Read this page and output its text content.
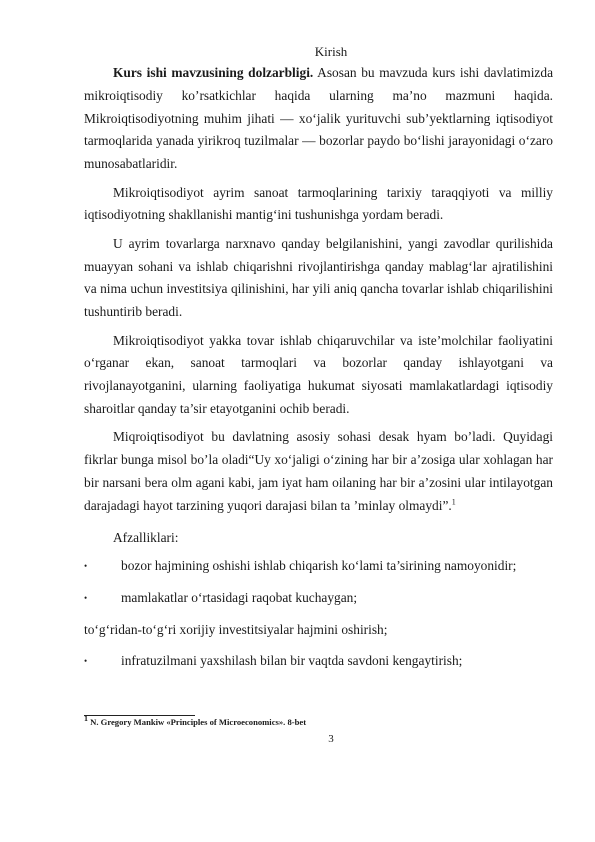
Kirish

Kurs ishi mavzusining dolzarbligi. Asosan bu mavzuda kurs ishi davlatimizda mikroiqtisodiy ko’rsatkichlar haqida ularning ma’no mazmuni haqida. Mikroiqtisodiyotning muhim jihati — xo‘jalik yurituvchi sub’yektlarning iqtisodiyot tarmoqlarida yanada yirikroq tuzilmalar — bozorlar paydo bo‘lishi jarayonidagi o‘zaro munosabatlaridir.

Mikroiqtisodiyot ayrim sanoat tarmoqlarining tarixiy taraqqiyoti va milliy iqtisodiyotning shakllanishi mantig‘ini tushunishga yordam beradi.

U ayrim tovarlarga narxnavo qanday belgilanishini, yangi zavodlar qurilishida muayyan sohani va ishlab chiqarishni rivojlantirishga qanday mablag‘lar ajratilishini va nima uchun investitsiya qilinishini, har yili aniq qancha tovarlar ishlab chiqarilishini tushuntirib beradi.

Mikroiqtisodiyot yakka tovar ishlab chiqaruvchilar va iste’molchilar faoliyatini o‘rganar ekan, sanoat tarmoqlari va bozorlar qanday ishlayotgani va rivojlanayotganini, ularning faoliyatiga hukumat siyosati mamlakatlardagi iqtisodiy sharoitlar qanday ta’sir etayotganini ochib beradi.

Miqroiqtisodiyot bu davlatning asosiy sohasi desak hyam bo’ladi. Quyidagi fikrlar bunga misol bo’la oladi“Uy xo‘jaligi o‘zining har bir a’zosiga ular xohlagan har bir narsani bera olm agani kabi, jam iyat ham oilaning har bir a’zosini ular intilayotgan darajadagi hayot tarzining yuqori darajasi bilan ta ’minlay olmaydi”.$^1$

Afzalliklari:

•	bozor hajmining oshishi ishlab chiqarish ko‘lami ta’sirining namoyonidir;
•	mamlakatlar o‘rtasidagi raqobat kuchaygan;

to‘g‘ridan-to‘g‘ri xorijiy investitsiyalar hajmini oshirish;

•	infratuzilmani yaxshilash bilan bir vaqtda savdoni kengaytirish;
$^1$ N. Gregory Mankiw «Principles of Microeconomics». 8-bet
3
